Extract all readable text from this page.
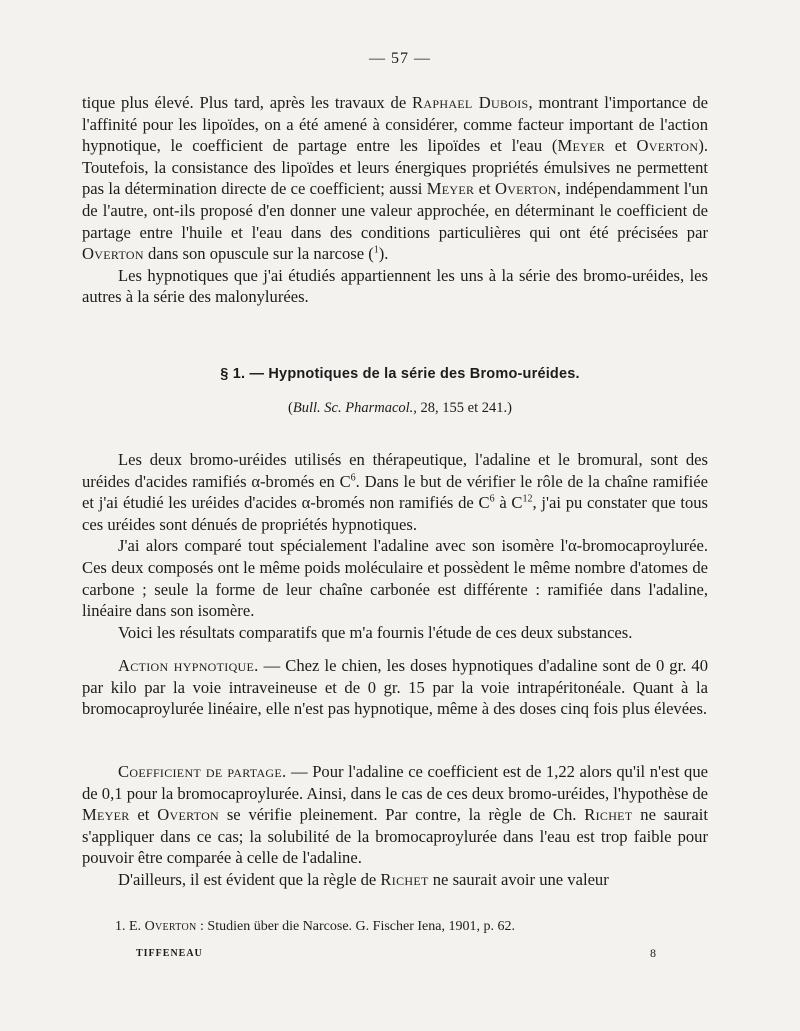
— 57 —

tique plus élevé. Plus tard, après les travaux de Raphael Dubois, montrant l'importance de l'affinité pour les lipoïdes, on a été amené à considérer, comme facteur important de l'action hypnotique, le coefficient de partage entre les lipoïdes et l'eau (Meyer et Overton). Toutefois, la consistance des lipoïdes et leurs énergiques propriétés émulsives ne permettent pas la détermination directe de ce coefficient; aussi Meyer et Overton, indépendamment l'un de l'autre, ont-ils proposé d'en donner une valeur approchée, en déterminant le coefficient de partage entre l'huile et l'eau dans des conditions particulières qui ont été précisées par Overton dans son opuscule sur la narcose ($^1$).

Les hypnotiques que j'ai étudiés appartiennent les uns à la série des bromo-uréides, les autres à la série des malonylurées.

§ 1. — Hypnotiques de la série des Bromo-uréides.
(Bull. Sc. Pharmacol., 28, 155 et 241.)

Les deux bromo-uréides utilisés en thérapeutique, l'adaline et le bromural, sont des uréides d'acides ramifiés α-bromés en $C^6$. Dans le but de vérifier le rôle de la chaîne ramifiée et j'ai étudié les uréides d'acides α-bromés non ramifiés de $C^6$ à $C^{12}$, j'ai pu constater que tous ces uréides sont dénués de propriétés hypnotiques.

J'ai alors comparé tout spécialement l'adaline avec son isomère l'α-bromocaproylurée. Ces deux composés ont le même poids moléculaire et possèdent le même nombre d'atomes de carbone ; seule la forme de leur chaîne carbonée est différente : ramifiée dans l'adaline, linéaire dans son isomère.

Voici les résultats comparatifs que m'a fournis l'étude de ces deux substances.

Action hypnotique. — Chez le chien, les doses hypnotiques d'adaline sont de 0 gr. 40 par kilo par la voie intraveineuse et de 0 gr. 15 par la voie intrapéritonéale. Quant à la bromocaproylurée linéaire, elle n'est pas hypnotique, même à des doses cinq fois plus élevées.

Coefficient de partage. — Pour l'adaline ce coefficient est de 1,22 alors qu'il n'est que de 0,1 pour la bromocaproylurée. Ainsi, dans le cas de ces deux bromo-uréides, l'hypothèse de Meyer et Overton se vérifie pleinement. Par contre, la règle de Ch. Richet ne saurait s'appliquer dans ce cas; la solubilité de la bromocaproylurée dans l'eau est trop faible pour pouvoir être comparée à celle de l'adaline.

D'ailleurs, il est évident que la règle de Richet ne saurait avoir une valeur

1. E. Overton : Studien über die Narcose. G. Fischer Iena, 1901, p. 62.
TIFFENEAU	8
